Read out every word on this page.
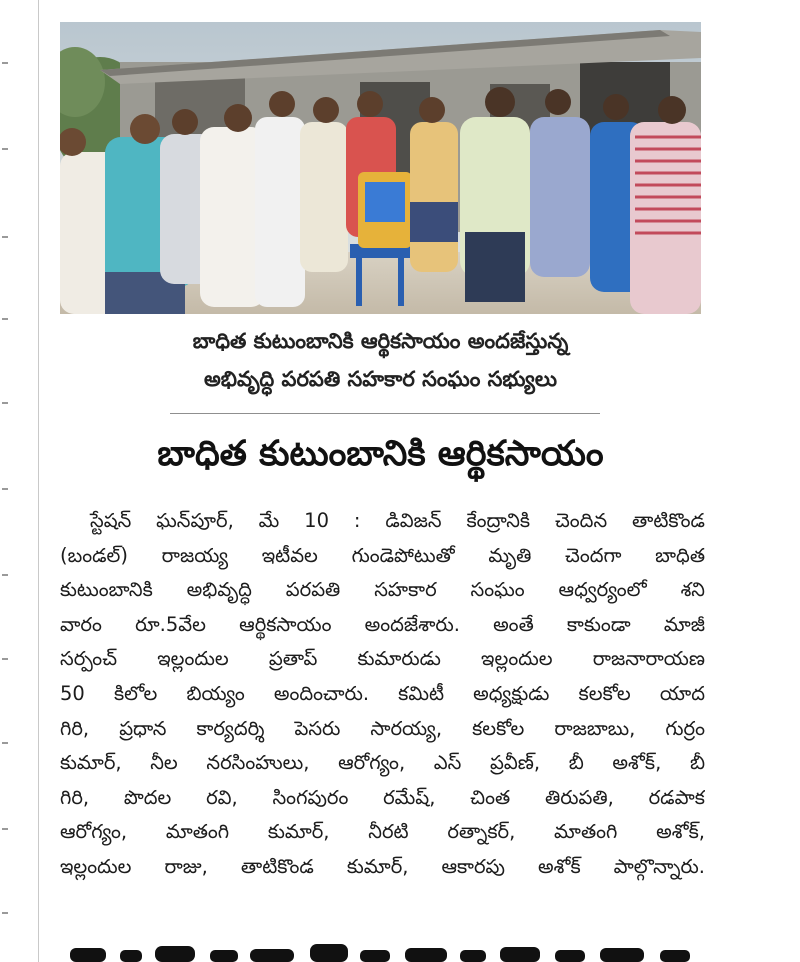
బాధిత కుటుంబానికి ఆర్థికసాయం అందజేస్తున్న
అభివృద్ధి పరపతి సహకార సంఘం సభ్యులు
బాధిత కుటుంబానికి ఆర్థికసాయం
స్టేషన్ ఘన్‌పూర్, మే 10 : డివిజన్ కేంద్రానికి చెందిన తాటికొండ
(బండల్) రాజయ్య ఇటీవల గుండెపోటుతో మృతి చెందగా బాధిత
కుటుంబానికి అభివృద్ధి పరపతి సహకార సంఘం ఆధ్వర్యంలో శని
వారం రూ.5వేల ఆర్థికసాయం అందజేశారు. అంతే కాకుండా మాజీ
సర్పంచ్ ఇల్లందుల ప్రతాప్ కుమారుడు ఇల్లందుల రాజనారాయణ
50 కిలోల బియ్యం అందించారు. కమిటీ అధ్యక్షుడు కలకోల యాద
గిరి, ప్రధాన కార్యదర్శి పెసరు సారయ్య, కలకోల రాజబాబు, గుర్రం
కుమార్, నీల నరసింహులు, ఆరోగ్యం, ఎస్ ప్రవీణ్, బీ అశోక్, బీ
గిరి, పొదల రవి, సింగపురం రమేష్, చింత తిరుపతి, రడపాక
ఆరోగ్యం, మాతంగి కుమార్, నీరటి రత్నాకర్, మాతంగి అశోక్,
ఇల్లందుల రాజు, తాటికొండ కుమార్, ఆకారపు అశోక్ పాల్గొన్నారు.
